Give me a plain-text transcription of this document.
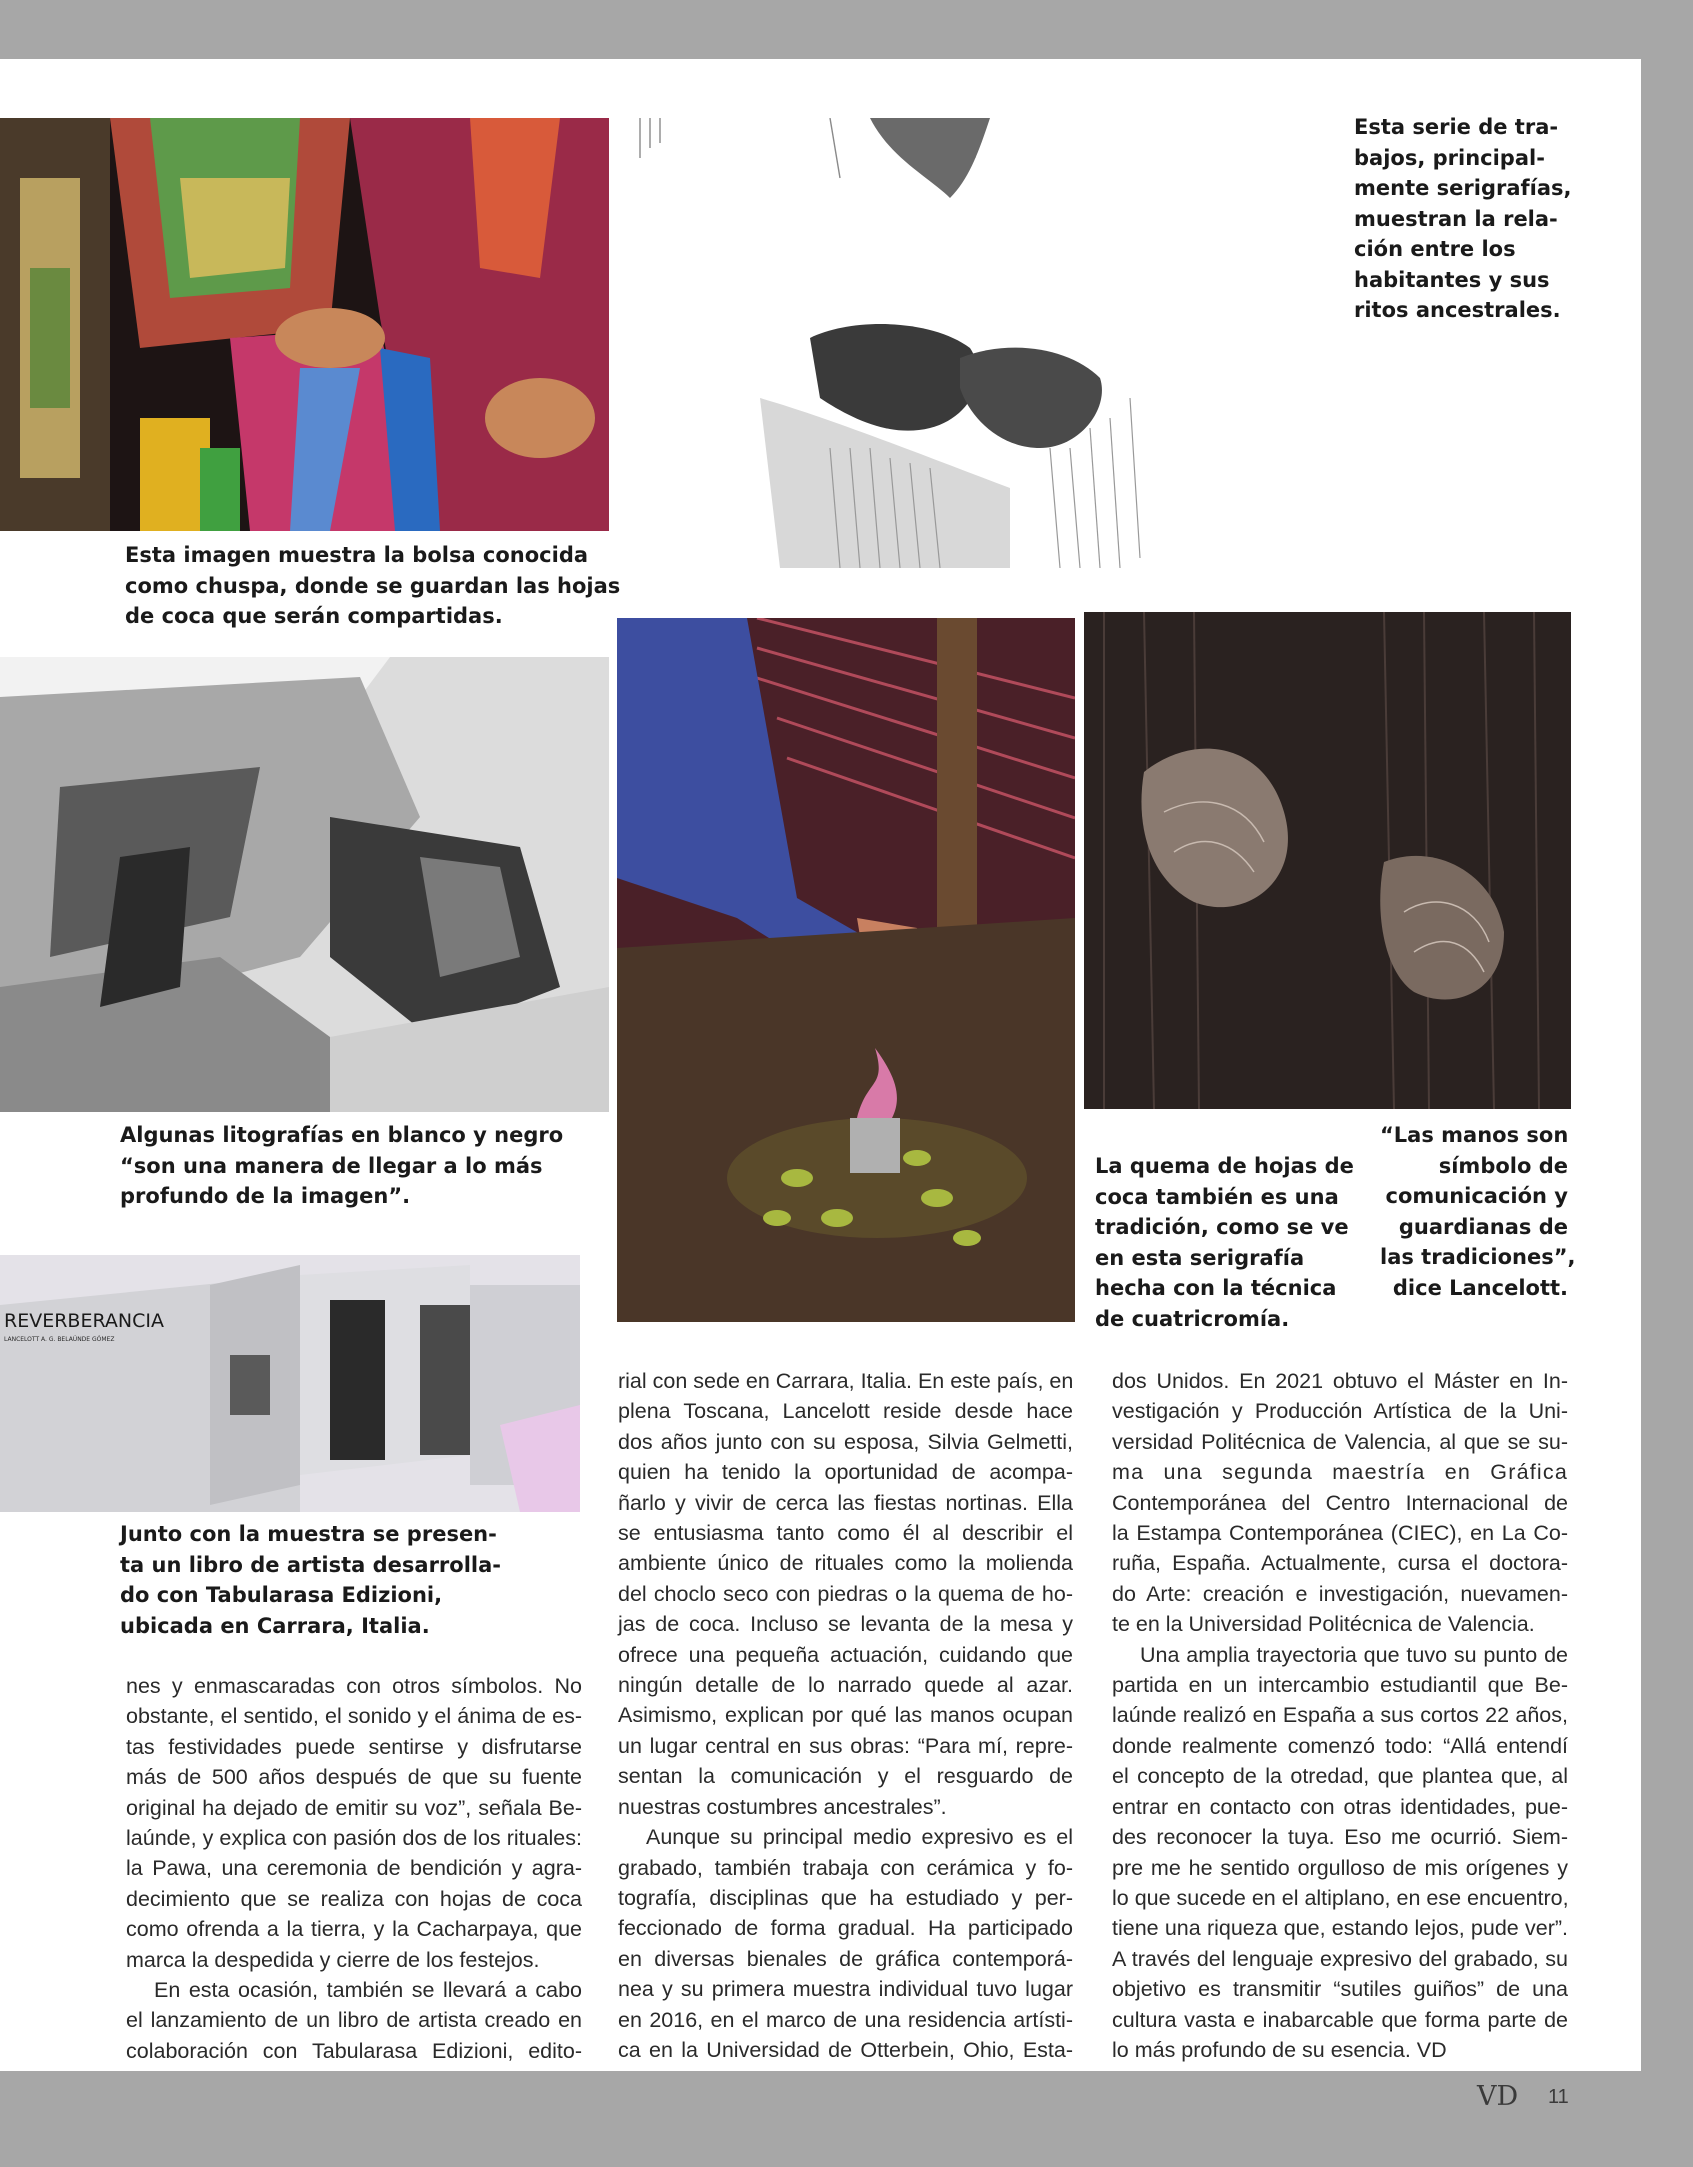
REVERBERANCIA
LANCELOTT A. G. BELAÚNDE GÓMEZ
Esta serie de tra-
bajos, principal-
mente serigrafías,
muestran la rela-
ción entre los
habitantes y sus
ritos ancestrales.
Esta imagen muestra la bolsa conocida
como chuspa, donde se guardan las hojas
de coca que serán compartidas.
Algunas litografías en blanco y negro
“son una manera de llegar a lo más
profundo de la imagen”.
La quema de hojas de
coca también es una
tradición, como se ve
en esta serigrafía
hecha con la técnica
de cuatricromía.
“Las manos son
símbolo de
comunicación y
guardianas de
las tradiciones”,
dice Lancelott.
Junto con la muestra se presen-
ta un libro de artista desarrolla-
do con Tabularasa Edizioni,
ubicada en Carrara, Italia.
nes y enmascaradas con otros símbolos. No
obstante, el sentido, el sonido y el ánima de es-
tas festividades puede sentirse y disfrutarse
más de 500 años después de que su fuente
original ha dejado de emitir su voz”, señala Be-
laúnde, y explica con pasión dos de los rituales:
la Pawa, una ceremonia de bendición y agra-
decimiento que se realiza con hojas de coca
como ofrenda a la tierra, y la Cacharpaya, que
marca la despedida y cierre de los festejos.
En esta ocasión, también se llevará a cabo
el lanzamiento de un libro de artista creado en
colaboración con Tabularasa Edizioni, edito-
rial con sede en Carrara, Italia. En este país, en
plena Toscana, Lancelott reside desde hace
dos años junto con su esposa, Silvia Gelmetti,
quien ha tenido la oportunidad de acompa-
ñarlo y vivir de cerca las fiestas nortinas. Ella
se entusiasma tanto como él al describir el
ambiente único de rituales como la molienda
del choclo seco con piedras o la quema de ho-
jas de coca. Incluso se levanta de la mesa y
ofrece una pequeña actuación, cuidando que
ningún detalle de lo narrado quede al azar.
Asimismo, explican por qué las manos ocupan
un lugar central en sus obras: “Para mí, repre-
sentan la comunicación y el resguardo de
nuestras costumbres ancestrales”.
Aunque su principal medio expresivo es el
grabado, también trabaja con cerámica y fo-
tografía, disciplinas que ha estudiado y per-
feccionado de forma gradual. Ha participado
en diversas bienales de gráfica contemporá-
nea y su primera muestra individual tuvo lugar
en 2016, en el marco de una residencia artísti-
ca en la Universidad de Otterbein, Ohio, Esta-
dos Unidos. En 2021 obtuvo el Máster en In-
vestigación y Producción Artística de la Uni-
versidad Politécnica de Valencia, al que se su-
ma una segunda maestría en Gráfica
Contemporánea del Centro Internacional de
la Estampa Contemporánea (CIEC), en La Co-
ruña, España. Actualmente, cursa el doctora-
do Arte: creación e investigación, nuevamen-
te en la Universidad Politécnica de Valencia.
Una amplia trayectoria que tuvo su punto de
partida en un intercambio estudiantil que Be-
laúnde realizó en España a sus cortos 22 años,
donde realmente comenzó todo: “Allá entendí
el concepto de la otredad, que plantea que, al
entrar en contacto con otras identidades, pue-
des reconocer la tuya. Eso me ocurrió. Siem-
pre me he sentido orgulloso de mis orígenes y
lo que sucede en el altiplano, en ese encuentro,
tiene una riqueza que, estando lejos, pude ver”.
A través del lenguaje expresivo del grabado, su
objetivo es transmitir “sutiles guiños” de una
cultura vasta e inabarcable que forma parte de
lo más profundo de su esencia. VD
VD 11
